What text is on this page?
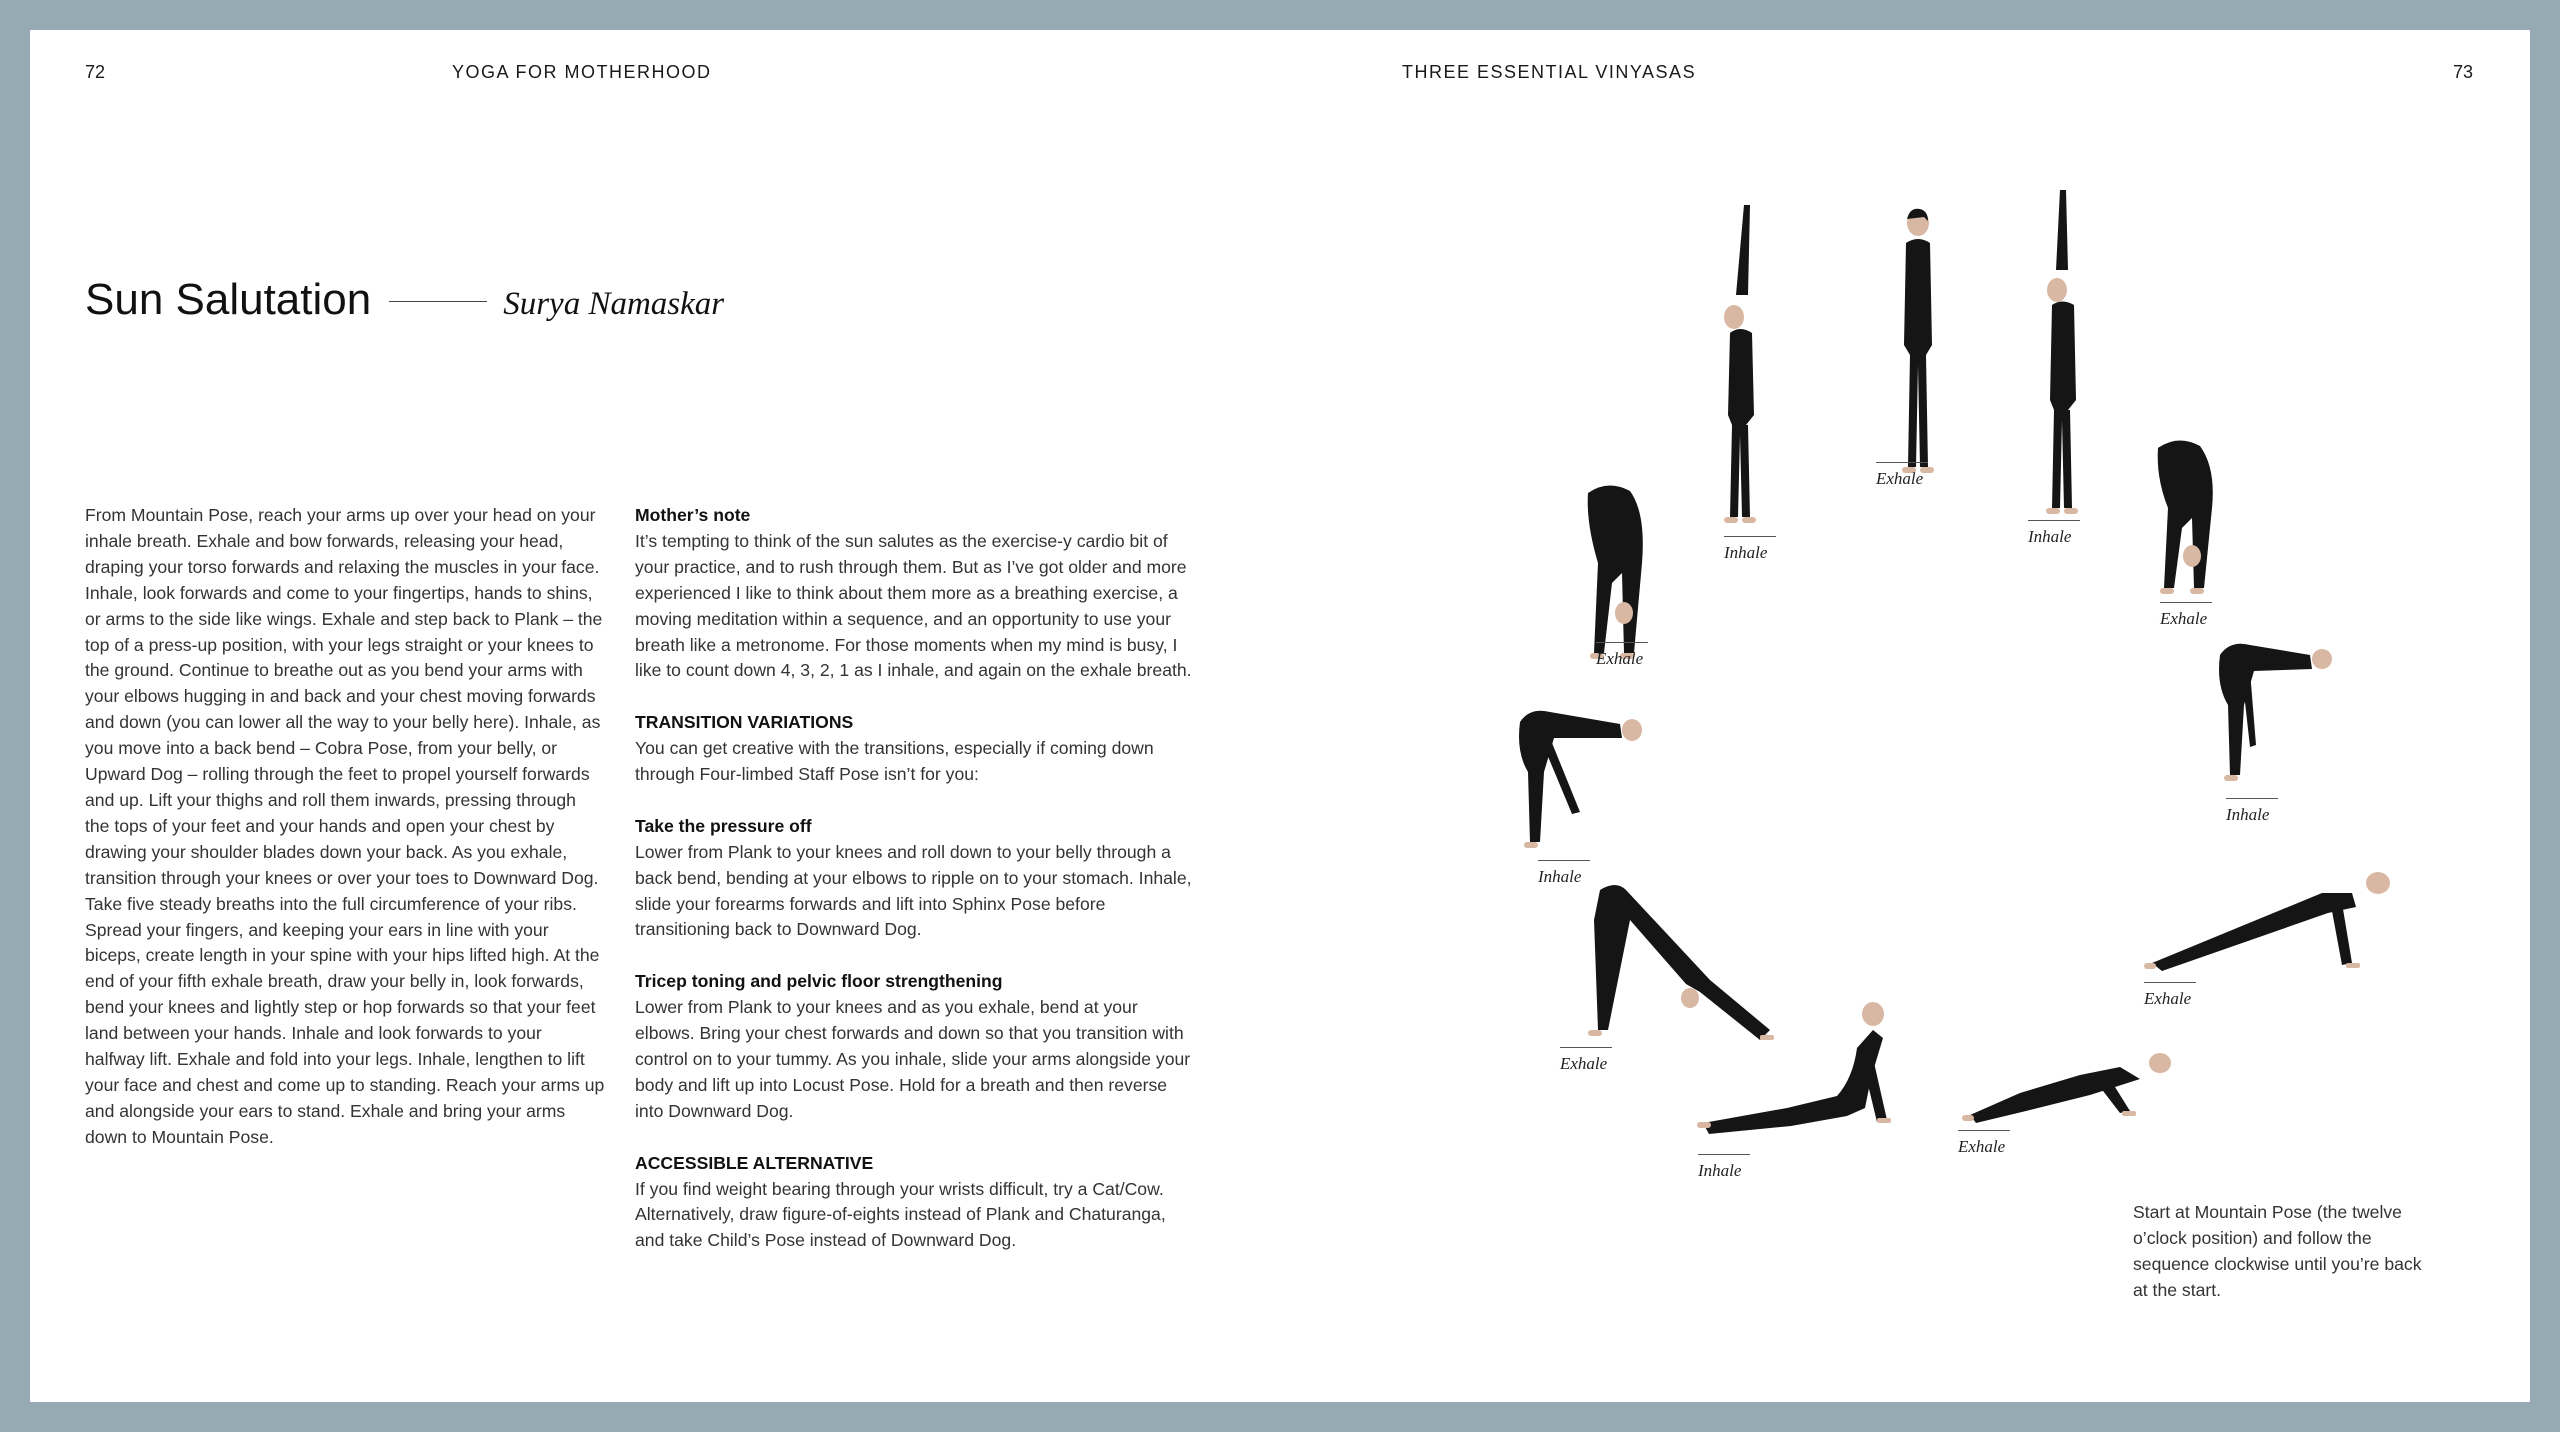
72	YOGA FOR MOTHERHOOD	THREE ESSENTIAL VINYASAS	73
Sun Salutation	Surya Namaskar

From Mountain Pose, reach your arms up over your head on your inhale breath. Exhale and bow forwards, releasing your head, draping your torso forwards and relaxing the muscles in your face. Inhale, look forwards and come to your fingertips, hands to shins, or arms to the side like wings. Exhale and step back to Plank – the top of a press-up position, with your legs straight or your knees to the ground. Continue to breathe out as you bend your arms with your elbows hugging in and back and your chest moving forwards and down (you can lower all the way to your belly here). Inhale, as you move into a back bend – Cobra Pose, from your belly, or Upward Dog – rolling through the feet to propel yourself forwards and up. Lift your thighs and roll them inwards, pressing through the tops of your feet and your hands and open your chest by drawing your shoulder blades down your back. As you exhale, transition through your knees or over your toes to Downward Dog. Take five steady breaths into the full circumference of your ribs. Spread your fingers, and keeping your ears in line with your biceps, create length in your spine with your hips lifted high. At the end of your fifth exhale breath, draw your belly in, look forwards, bend your knees and lightly step or hop forwards so that your feet land between your hands. Inhale and look forwards to your halfway lift. Exhale and fold into your legs. Inhale, lengthen to lift your face and chest and come up to standing. Reach your arms up and alongside your ears to stand. Exhale and bring your arms down to Mountain Pose.

Mother’s note

It’s tempting to think of the sun salutes as the exercise-y cardio bit of your practice, and to rush through them. But as I’ve got older and more experienced I like to think about them more as a breathing exercise, a moving meditation within a sequence, and an opportunity to use your breath like a metronome. For those moments when my mind is busy, I like to count down 4, 3, 2, 1 as I inhale, and again on the exhale breath.

TRANSITION VARIATIONS

You can get creative with the transitions, especially if coming down through Four-limbed Staff Pose isn’t for you:

Take the pressure off

Lower from Plank to your knees and roll down to your belly through a back bend, bending at your elbows to ripple on to your stomach. Inhale, slide your forearms forwards and lift into Sphinx Pose before transitioning back to Downward Dog.

Tricep toning and pelvic floor strengthening

Lower from Plank to your knees and as you exhale, bend at your elbows. Bring your chest forwards and down so that you transition with control on to your tummy. As you inhale, slide your arms alongside your body and lift up into Locust Pose. Hold for a breath and then reverse into Downward Dog.

ACCESSIBLE ALTERNATIVE

If you find weight bearing through your wrists difficult, try a Cat/Cow. Alternatively, draw figure-of-eights instead of Plank and Chaturanga, and take Child’s Pose instead of Downward Dog.

Exhale
Inhale
Exhale
Inhale
Exhale
Exhale
Inhale
Exhale
Inhale
Exhale
Inhale
Start at Mountain Pose (the twelve o’clock position) and follow the sequence clockwise until you’re back at the start.
